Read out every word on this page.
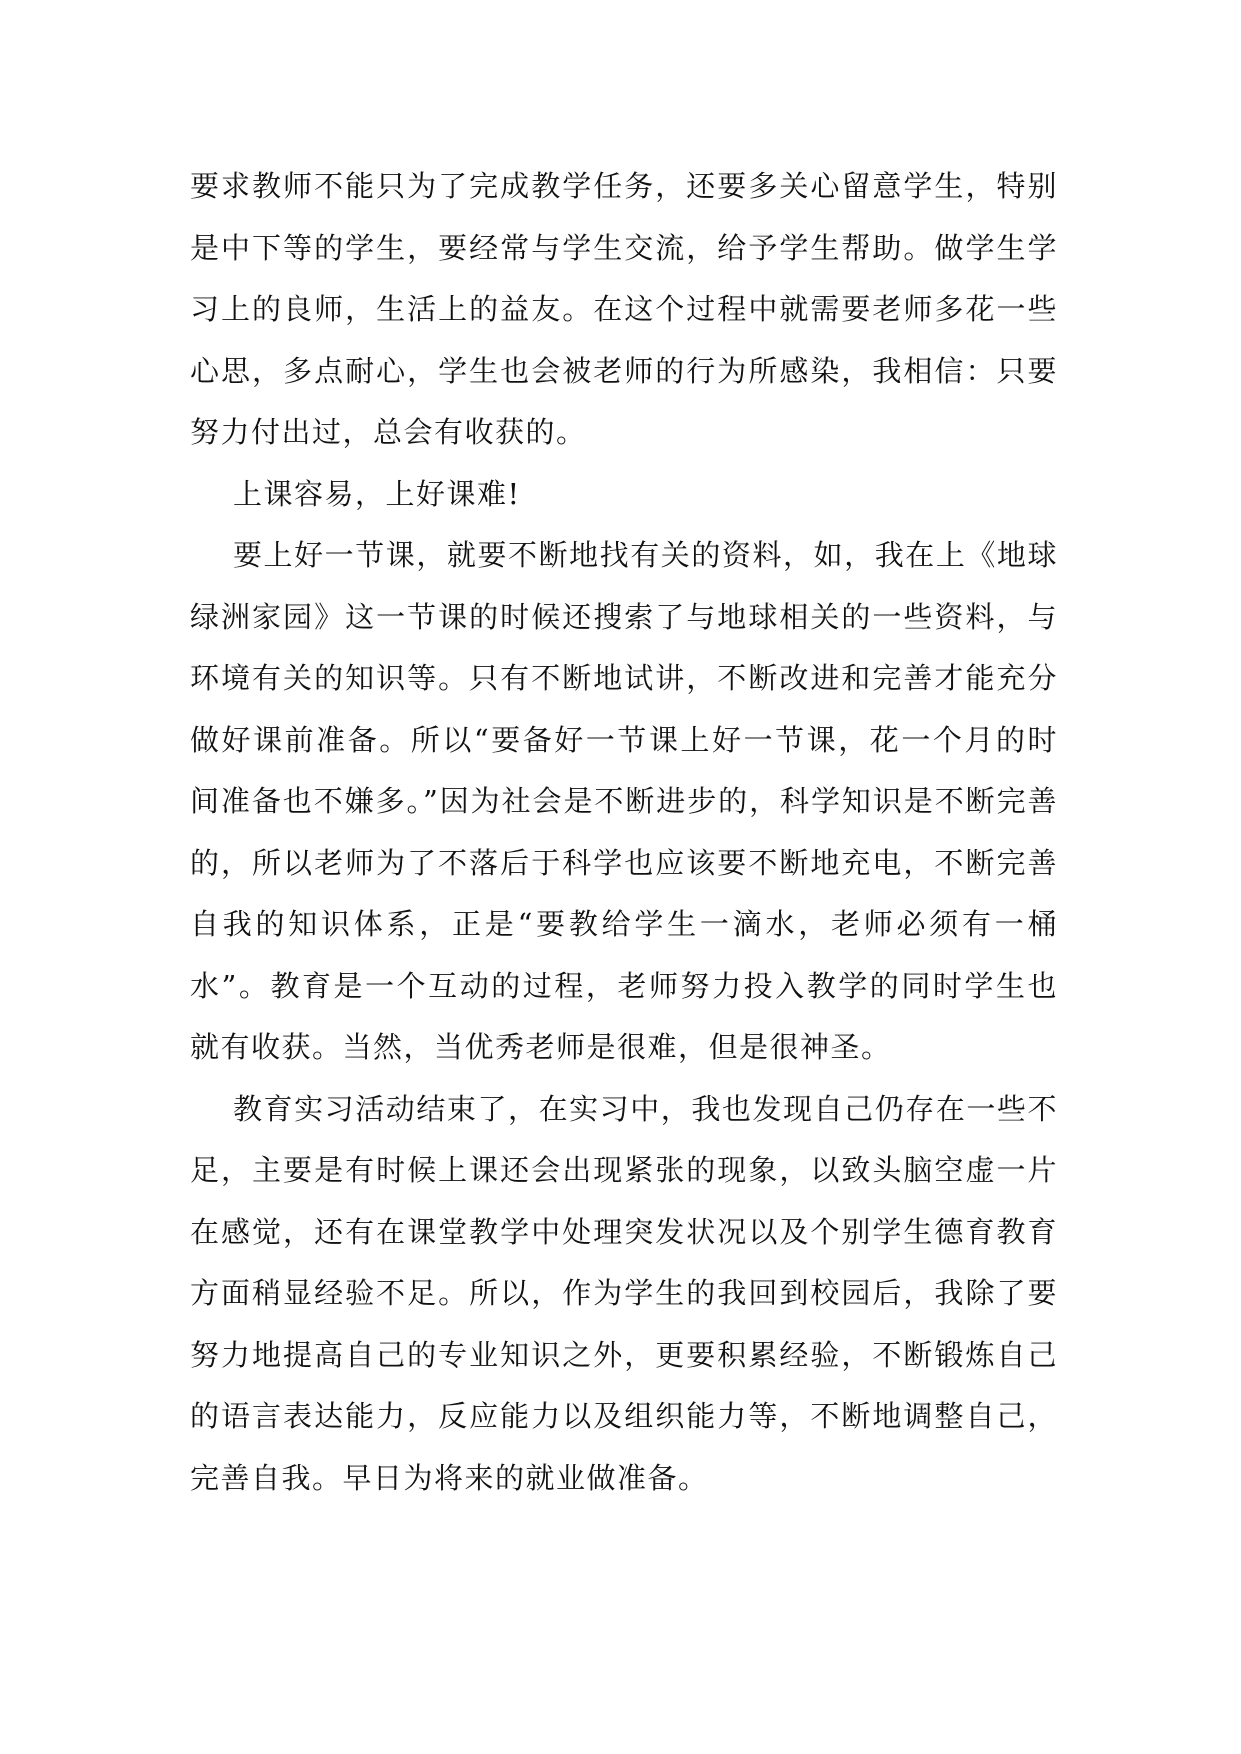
要求教师不能只为了完成教学任务，还要多关心留意学生，特别是中下等的学生，要经常与学生交流，给予学生帮助。做学生学习上的良师，生活上的益友。在这个过程中就需要老师多花一些心思，多点耐心，学生也会被老师的行为所感染，我相信：只要努力付出过，总会有收获的。

上课容易，上好课难!

要上好一节课，就要不断地找有关的资料，如，我在上《地球绿洲家园》这一节课的时候还搜索了与地球相关的一些资料，与环境有关的知识等。只有不断地试讲，不断改进和完善才能充分做好课前准备。所以“要备好一节课上好一节课，花一个月的时间准备也不嫌多。”因为社会是不断进步的，科学知识是不断完善的，所以老师为了不落后于科学也应该要不断地充电，不断完善自我的知识体系，正是“要教给学生一滴水，老师必须有一桶水”。教育是一个互动的过程，老师努力投入教学的同时学生也就有收获。当然，当优秀老师是很难，但是很神圣。

教育实习活动结束了，在实习中，我也发现自己仍存在一些不足，主要是有时候上课还会出现紧张的现象，以致头脑空虚一片在感觉，还有在课堂教学中处理突发状况以及个别学生德育教育方面稍显经验不足。所以，作为学生的我回到校园后，我除了要努力地提高自己的专业知识之外，更要积累经验，不断锻炼自己的语言表达能力，反应能力以及组织能力等，不断地调整自己，完善自我。早日为将来的就业做准备。
